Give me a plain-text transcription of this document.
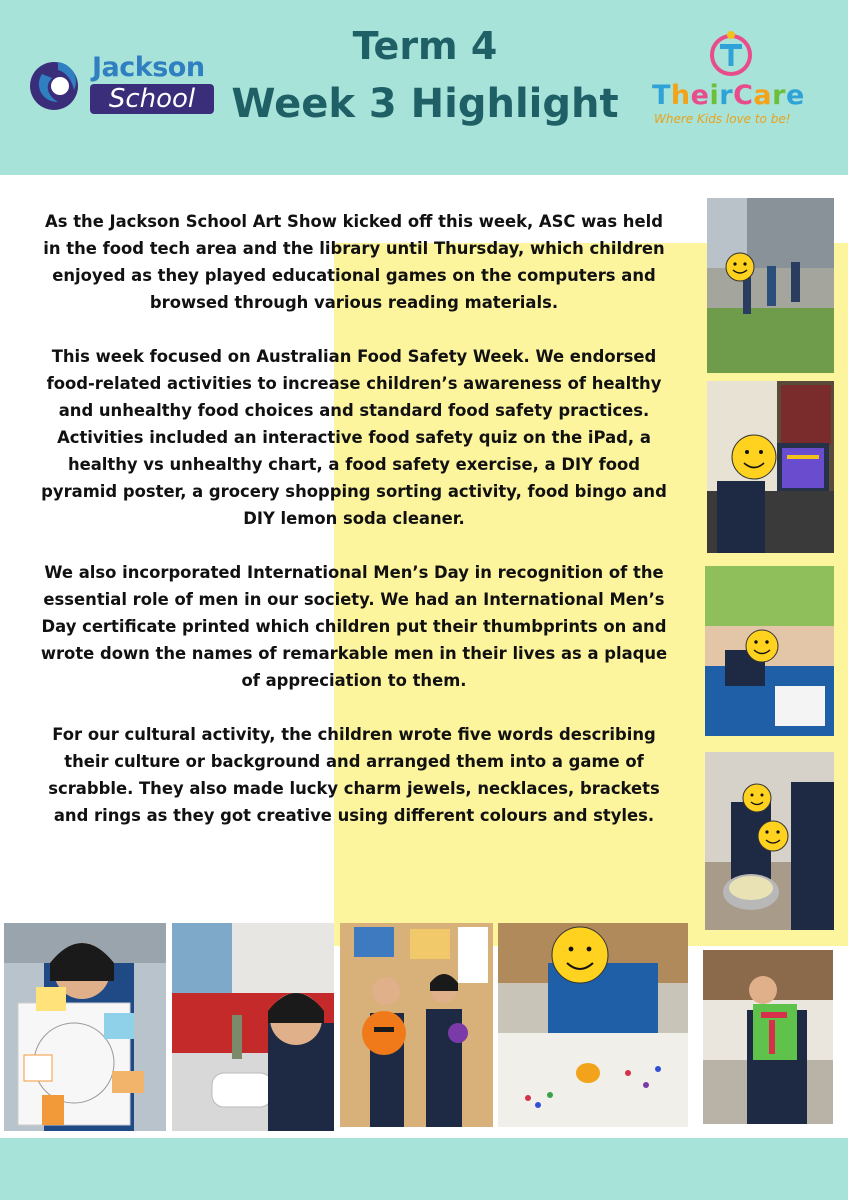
Jackson
School
Term 4
Week 3 Highlight TheirCare
Where Kids love to be!

As the Jackson School Art Show kicked off this week, ASC was held in the food tech area and the library until Thursday, which children enjoyed as they played educational games on the computers and browsed through various reading materials.

This week focused on Australian Food Safety Week. We endorsed food-related activities to increase children’s awareness of healthy and unhealthy food choices and standard food safety practices. Activities included an interactive food safety quiz on the iPad, a healthy vs unhealthy chart, a food safety exercise, a DIY food pyramid poster, a grocery shopping sorting activity, food bingo and DIY lemon soda cleaner.

We also incorporated International Men’s Day in recognition of the essential role of men in our society. We had an International Men’s Day certificate printed which children put their thumbprints on and wrote down the names of remarkable men in their lives as a plaque of appreciation to them.

For our cultural activity, the children wrote five words describing their culture or background and arranged them into a game of scrabble. They also made lucky charm jewels, necklaces, brackets and rings as they got creative using different colours and styles.
